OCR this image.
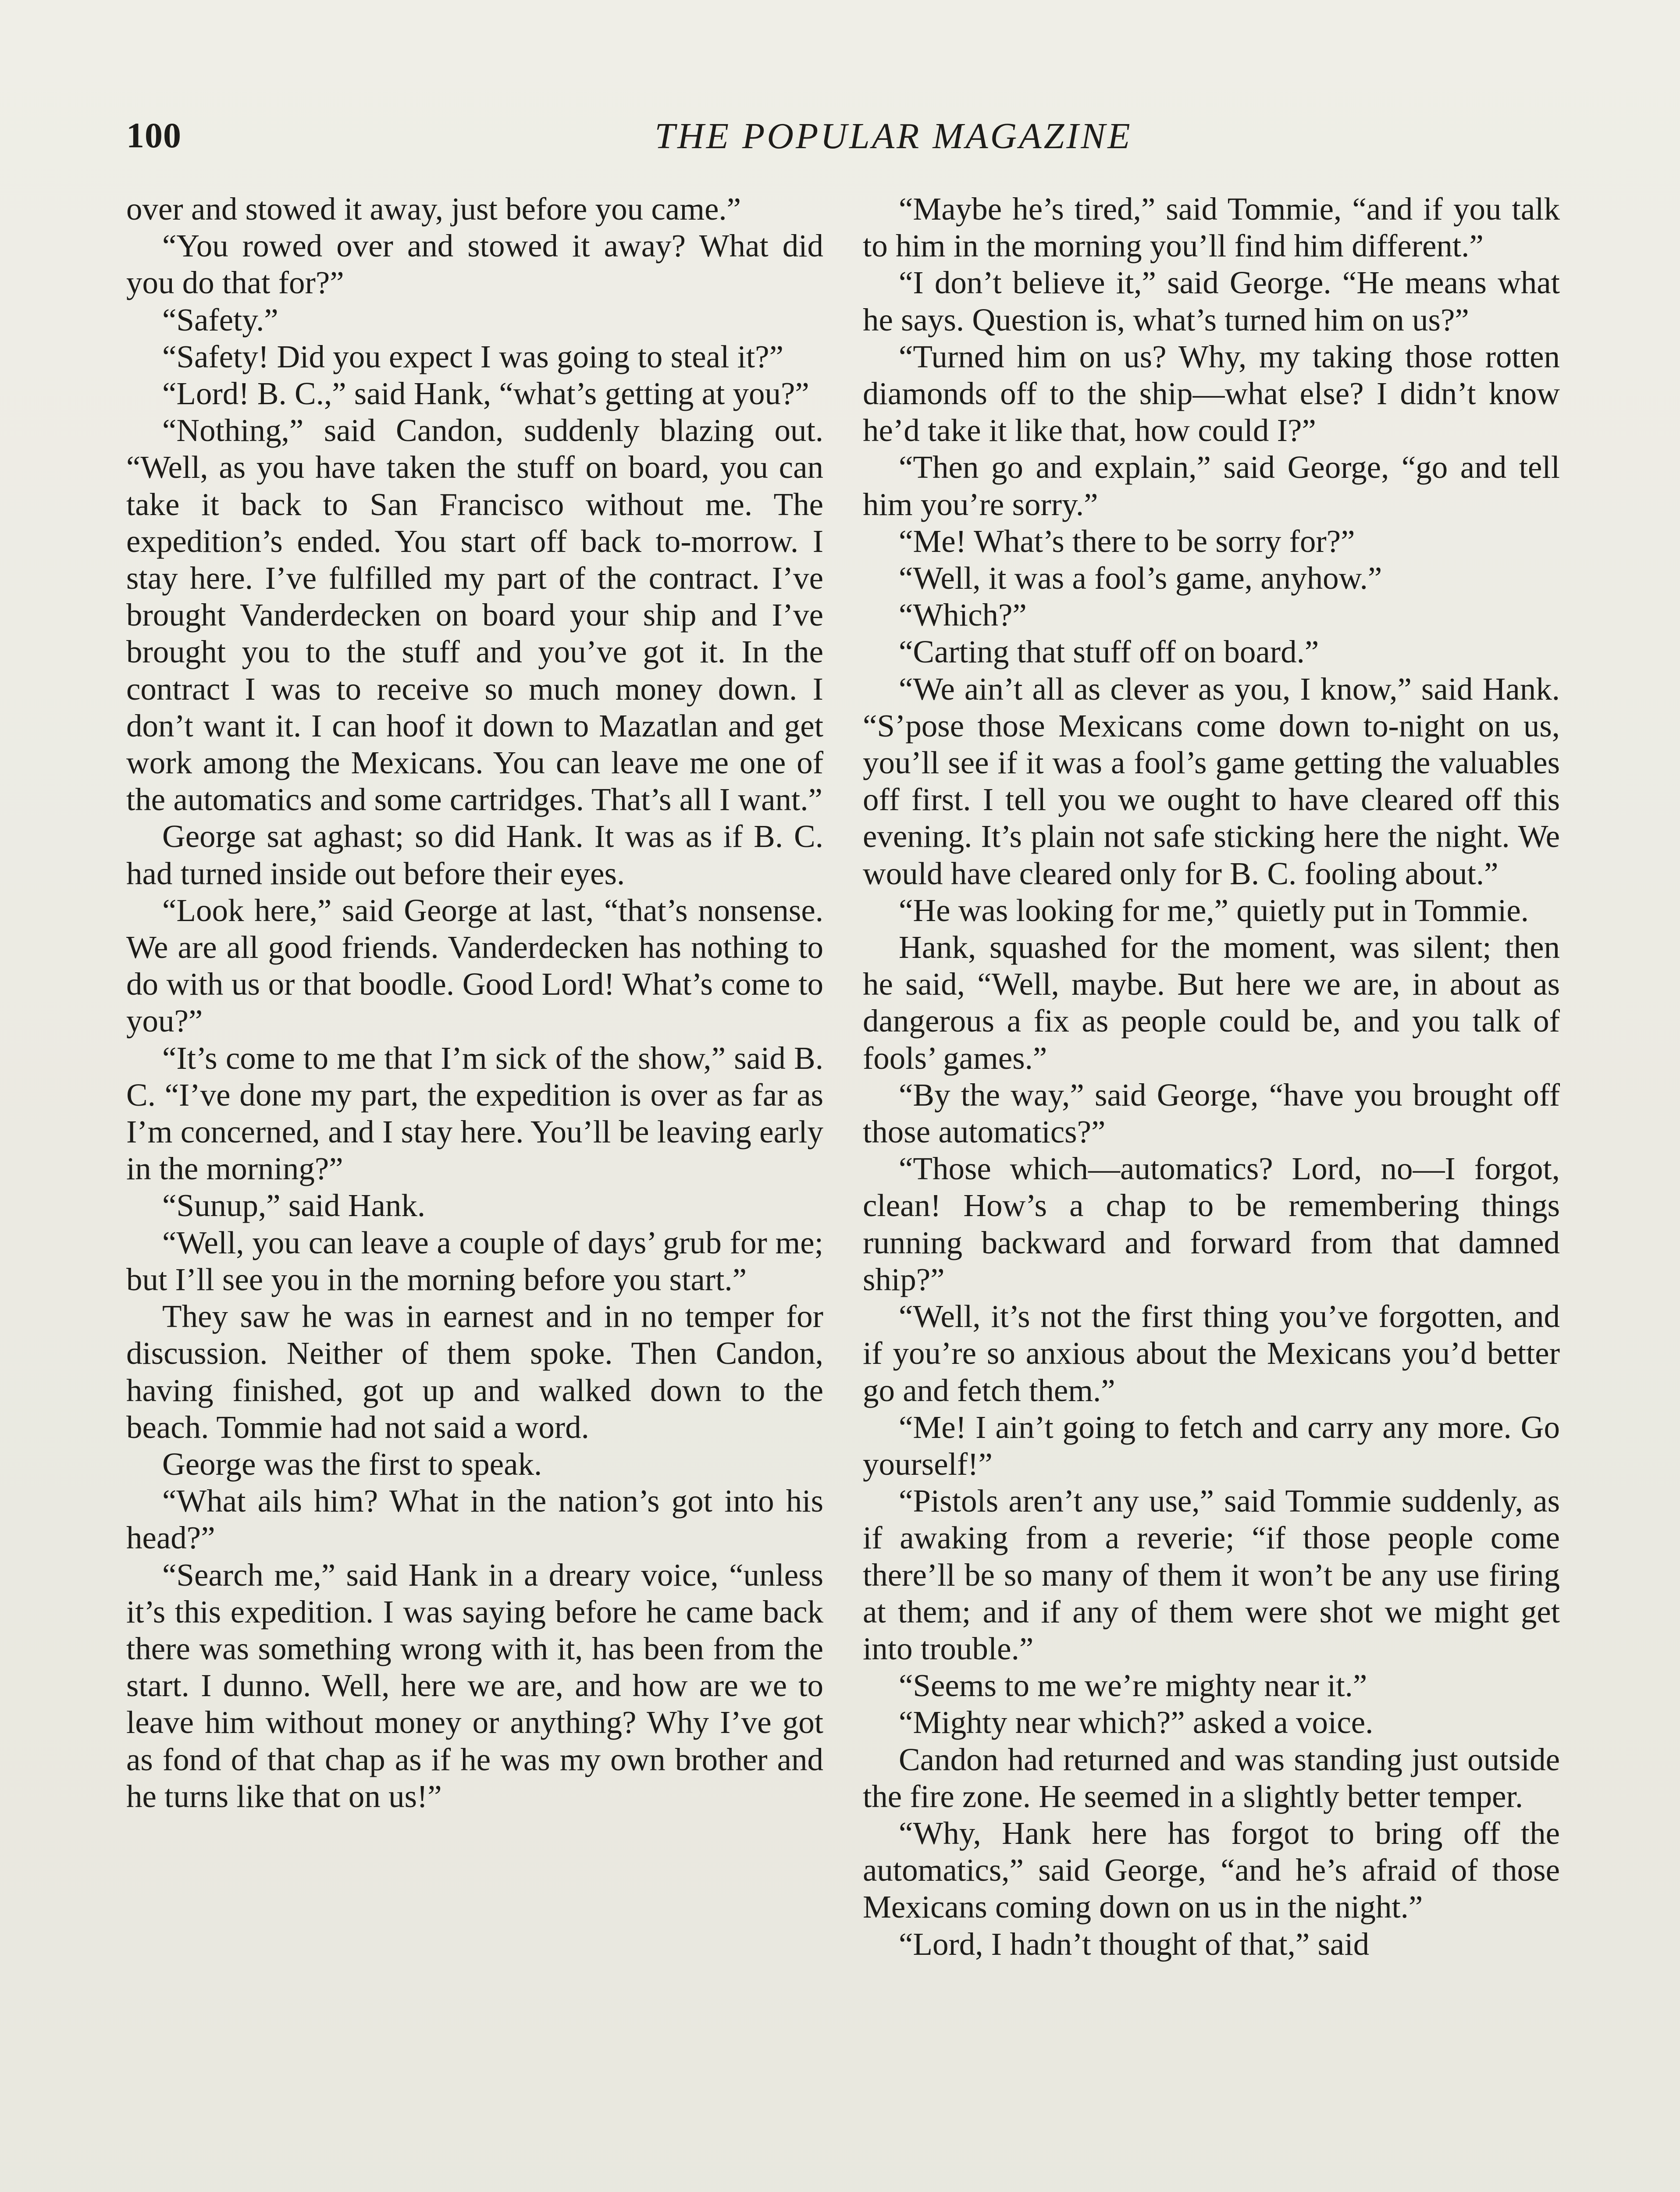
100	THE POPULAR MAGAZINE

over and stowed it away, just before you came.”

“You rowed over and stowed it away? What did you do that for?”

“Safety.”

“Safety! Did you expect I was going to steal it?”

“Lord! B. C.,” said Hank, “what’s getting at you?”

“Nothing,” said Candon, suddenly blazing out. “Well, as you have taken the stuff on board, you can take it back to San Francisco without me. The expedition’s ended. You start off back to-morrow. I stay here. I’ve fulfilled my part of the contract. I’ve brought Vanderdecken on board your ship and I’ve brought you to the stuff and you’ve got it. In the contract I was to receive so much money down. I don’t want it. I can hoof it down to Mazatlan and get work among the Mexicans. You can leave me one of the automatics and some cartridges. That’s all I want.”

George sat aghast; so did Hank. It was as if B. C. had turned inside out before their eyes.

“Look here,” said George at last, “that’s nonsense. We are all good friends. Vanderdecken has nothing to do with us or that boodle. Good Lord! What’s come to you?”

“It’s come to me that I’m sick of the show,” said B. C. “I’ve done my part, the expedition is over as far as I’m concerned, and I stay here. You’ll be leaving early in the morning?”

“Sunup,” said Hank.

“Well, you can leave a couple of days’ grub for me; but I’ll see you in the morning before you start.”

They saw he was in earnest and in no temper for discussion. Neither of them spoke. Then Candon, having finished, got up and walked down to the beach. Tommie had not said a word.

George was the first to speak.

“What ails him? What in the nation’s got into his head?”

“Search me,” said Hank in a dreary voice, “unless it’s this expedition. I was saying before he came back there was something wrong with it, has been from the start. I dunno. Well, here we are, and how are we to leave him without money or anything? Why I’ve got as fond of that chap as if he was my own brother and he turns like that on us!”

“Maybe he’s tired,” said Tommie, “and if you talk to him in the morning you’ll find him different.”

“I don’t believe it,” said George. “He means what he says. Question is, what’s turned him on us?”

“Turned him on us? Why, my taking those rotten diamonds off to the ship—what else? I didn’t know he’d take it like that, how could I?”

“Then go and explain,” said George, “go and tell him you’re sorry.”

“Me! What’s there to be sorry for?”

“Well, it was a fool’s game, anyhow.”

“Which?”

“Carting that stuff off on board.”

“We ain’t all as clever as you, I know,” said Hank. “S’pose those Mexicans come down to-night on us, you’ll see if it was a fool’s game getting the valuables off first. I tell you we ought to have cleared off this evening. It’s plain not safe sticking here the night. We would have cleared only for B. C. fooling about.”

“He was looking for me,” quietly put in Tommie.

Hank, squashed for the moment, was silent; then he said, “Well, maybe. But here we are, in about as dangerous a fix as people could be, and you talk of fools’ games.”

“By the way,” said George, “have you brought off those automatics?”

“Those which—automatics? Lord, no—I forgot, clean! How’s a chap to be remembering things running backward and forward from that damned ship?”

“Well, it’s not the first thing you’ve forgotten, and if you’re so anxious about the Mexicans you’d better go and fetch them.”

“Me! I ain’t going to fetch and carry any more. Go yourself!”

“Pistols aren’t any use,” said Tommie suddenly, as if awaking from a reverie; “if those people come there’ll be so many of them it won’t be any use firing at them; and if any of them were shot we might get into trouble.”

“Seems to me we’re mighty near it.”

“Mighty near which?” asked a voice.

Candon had returned and was standing just outside the fire zone. He seemed in a slightly better temper.

“Why, Hank here has forgot to bring off the automatics,” said George, “and he’s afraid of those Mexicans coming down on us in the night.”

“Lord, I hadn’t thought of that,” said
